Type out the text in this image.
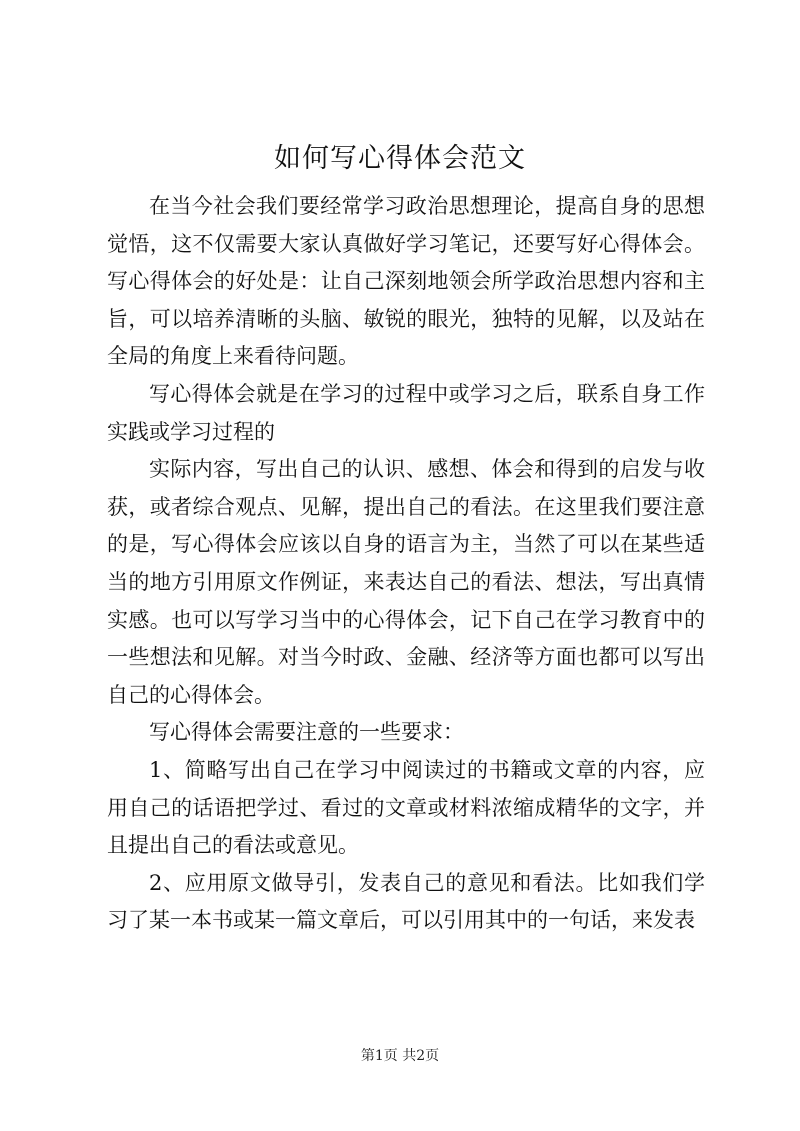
如何写心得体会范文

在当今社会我们要经常学习政治思想理论，提高自身的思想觉悟，这不仅需要大家认真做好学习笔记，还要写好心得体会。写心得体会的好处是：让自己深刻地领会所学政治思想内容和主旨，可以培养清晰的头脑、敏锐的眼光，独特的见解，以及站在全局的角度上来看待问题。

写心得体会就是在学习的过程中或学习之后，联系自身工作实践或学习过程的

实际内容，写出自己的认识、感想、体会和得到的启发与收获，或者综合观点、见解，提出自己的看法。在这里我们要注意的是，写心得体会应该以自身的语言为主，当然了可以在某些适当的地方引用原文作例证，来表达自己的看法、想法，写出真情实感。也可以写学习当中的心得体会，记下自己在学习教育中的一些想法和见解。对当今时政、金融、经济等方面也都可以写出自己的心得体会。

写心得体会需要注意的一些要求：

1、简略写出自己在学习中阅读过的书籍或文章的内容，应用自己的话语把学过、看过的文章或材料浓缩成精华的文字，并且提出自己的看法或意见。

2、应用原文做导引，发表自己的意见和看法。比如我们学习了某一本书或某一篇文章后，可以引用其中的一句话，来发表

第1页 共2页
